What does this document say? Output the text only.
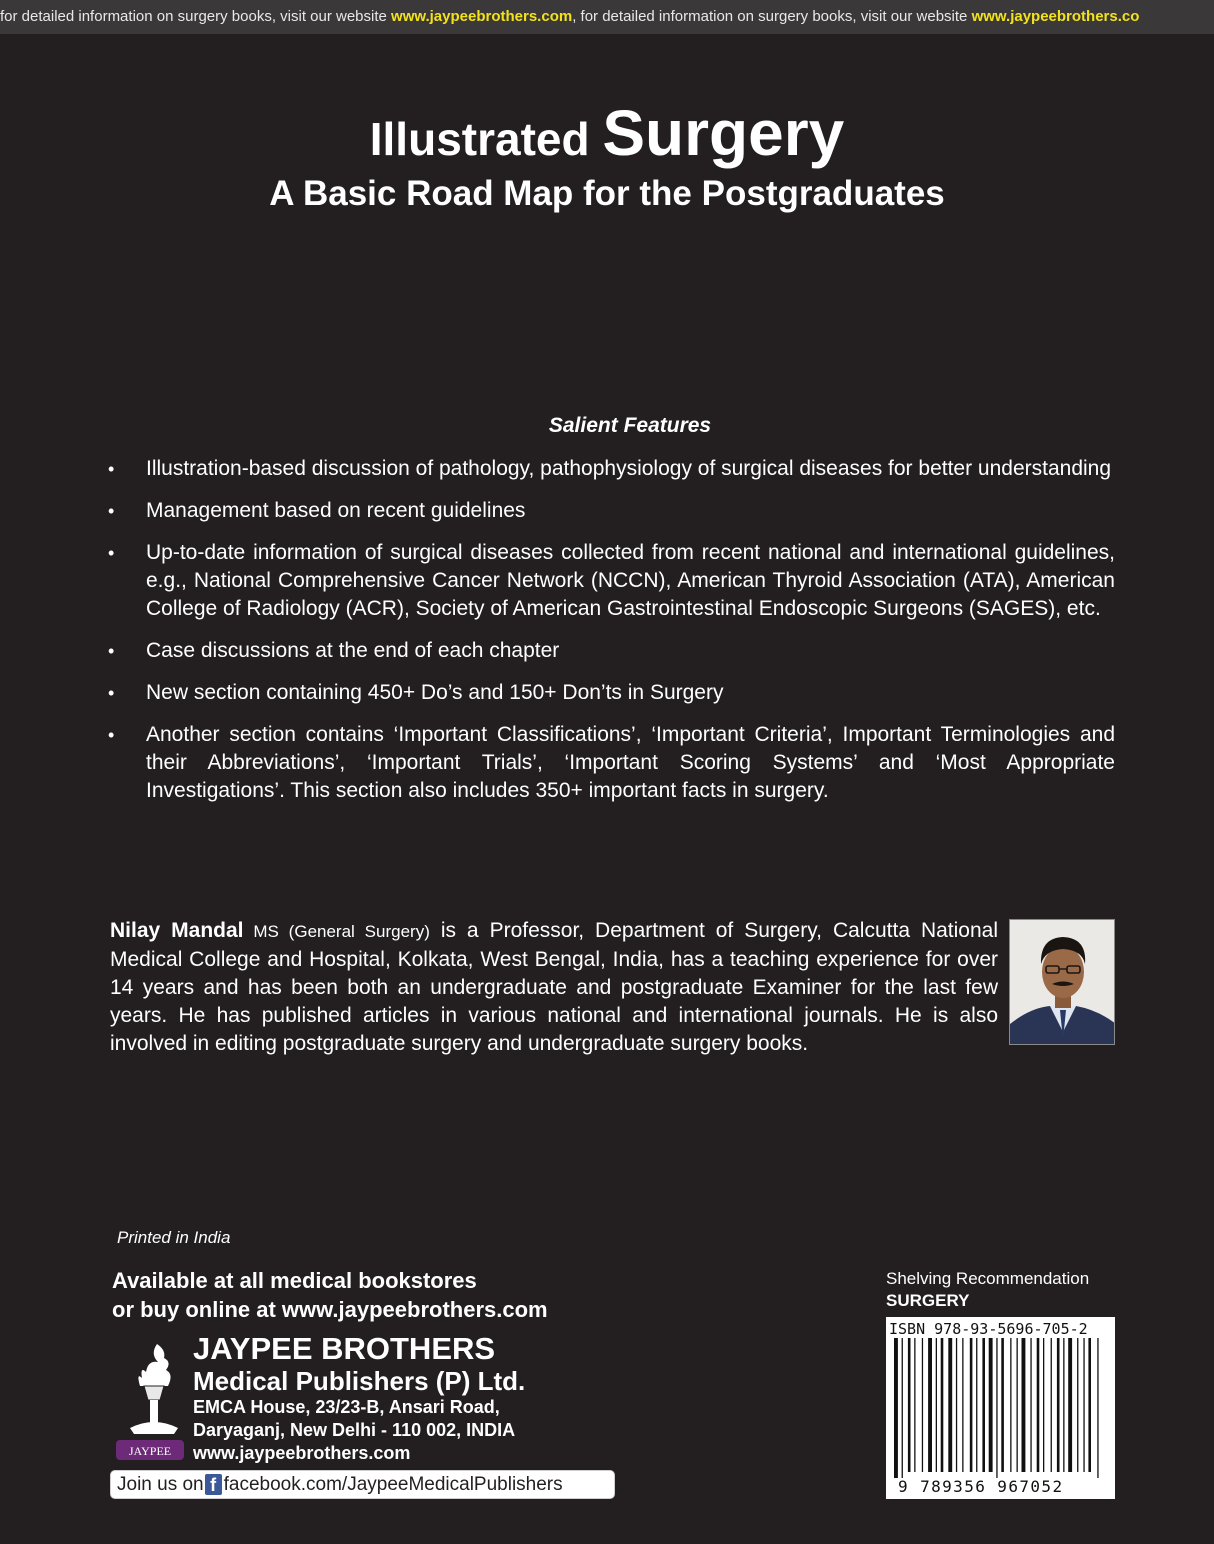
for detailed information on surgery books, visit our website www.jaypeebrothers.com, for detailed information on surgery books, visit our website www.jaypeebrothers.co
Illustrated Surgery
A Basic Road Map for the Postgraduates
Salient Features
• Illustration-based discussion of pathology, pathophysiology of surgical diseases for better understanding
• Management based on recent guidelines
• Up-to-date information of surgical diseases collected from recent national and international guidelines, e.g., National Comprehensive Cancer Network (NCCN), American Thyroid Association (ATA), American College of Radiology (ACR), Society of American Gastrointestinal Endoscopic Surgeons (SAGES), etc.
• Case discussions at the end of each chapter
• New section containing 450+ Do’s and 150+ Don’ts in Surgery
• Another section contains ‘Important Classifications’, ‘Important Criteria’, Important Terminologies and their Abbreviations’, ‘Important Trials’, ‘Important Scoring Systems’ and ‘Most Appropriate Investigations’. This section also includes 350+ important facts in surgery.
Nilay Mandal MS (General Surgery) is a Professor, Department of Surgery, Calcutta National Medical College and Hospital, Kolkata, West Bengal, India, has a teaching experience for over 14 years and has been both an undergraduate and postgraduate Examiner for the last few years. He has published articles in various national and international journals. He is also involved in editing postgraduate surgery and undergraduate surgery books.
Printed in India
Available at all medical bookstores
or buy online at www.jaypeebrothers.com
JAYPEE
JAYPEE BROTHERS
Medical Publishers (P) Ltd.
EMCA House, 23/23-B, Ansari Road,
Daryaganj, New Delhi - 110 002, INDIA
www.jaypeebrothers.com
Join us on f facebook.com/JaypeeMedicalPublishers
Shelving Recommendation
SURGERY
ISBN 978-93-5696-705-2
9 789356 967052
